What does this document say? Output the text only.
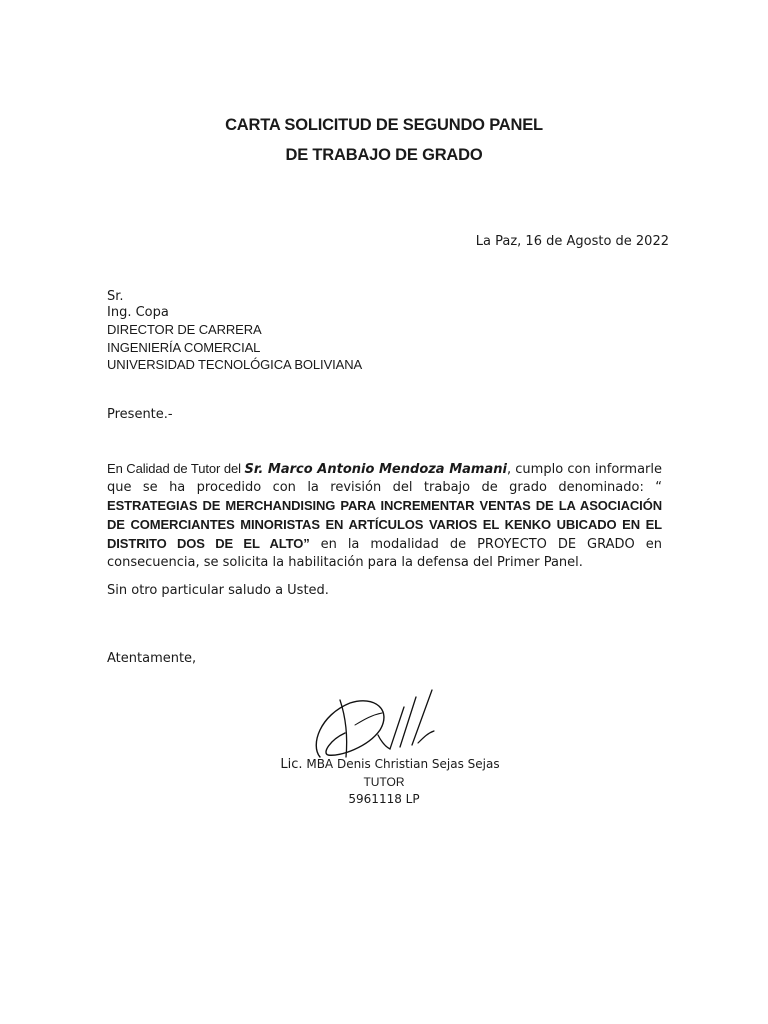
CARTA SOLICITUD DE SEGUNDO PANEL
DE TRABAJO DE GRADO
La Paz, 16 de Agosto de 2022
Sr.
Ing. Copa
DIRECTOR DE CARRERA
INGENIERÍA COMERCIAL
UNIVERSIDAD TECNOLÓGICA BOLIVIANA
Presente.-
En Calidad de Tutor del Sr. Marco Antonio Mendoza Mamani, cumplo con informarle que se ha procedido con la revisión del trabajo de grado denominado: “ ESTRATEGIAS DE MERCHANDISING PARA INCREMENTAR VENTAS DE LA ASOCIACIÓN DE COMERCIANTES MINORISTAS EN ARTÍCULOS VARIOS EL KENKO UBICADO EN EL DISTRITO DOS DE EL ALTO” en la modalidad de PROYECTO DE GRADO en consecuencia, se solicita la habilitación para la defensa del Primer Panel.
Sin otro particular saludo a Usted.
Atentamente,
Lic. MBA Denis Christian Sejas Sejas
TUTOR
5961118 LP
